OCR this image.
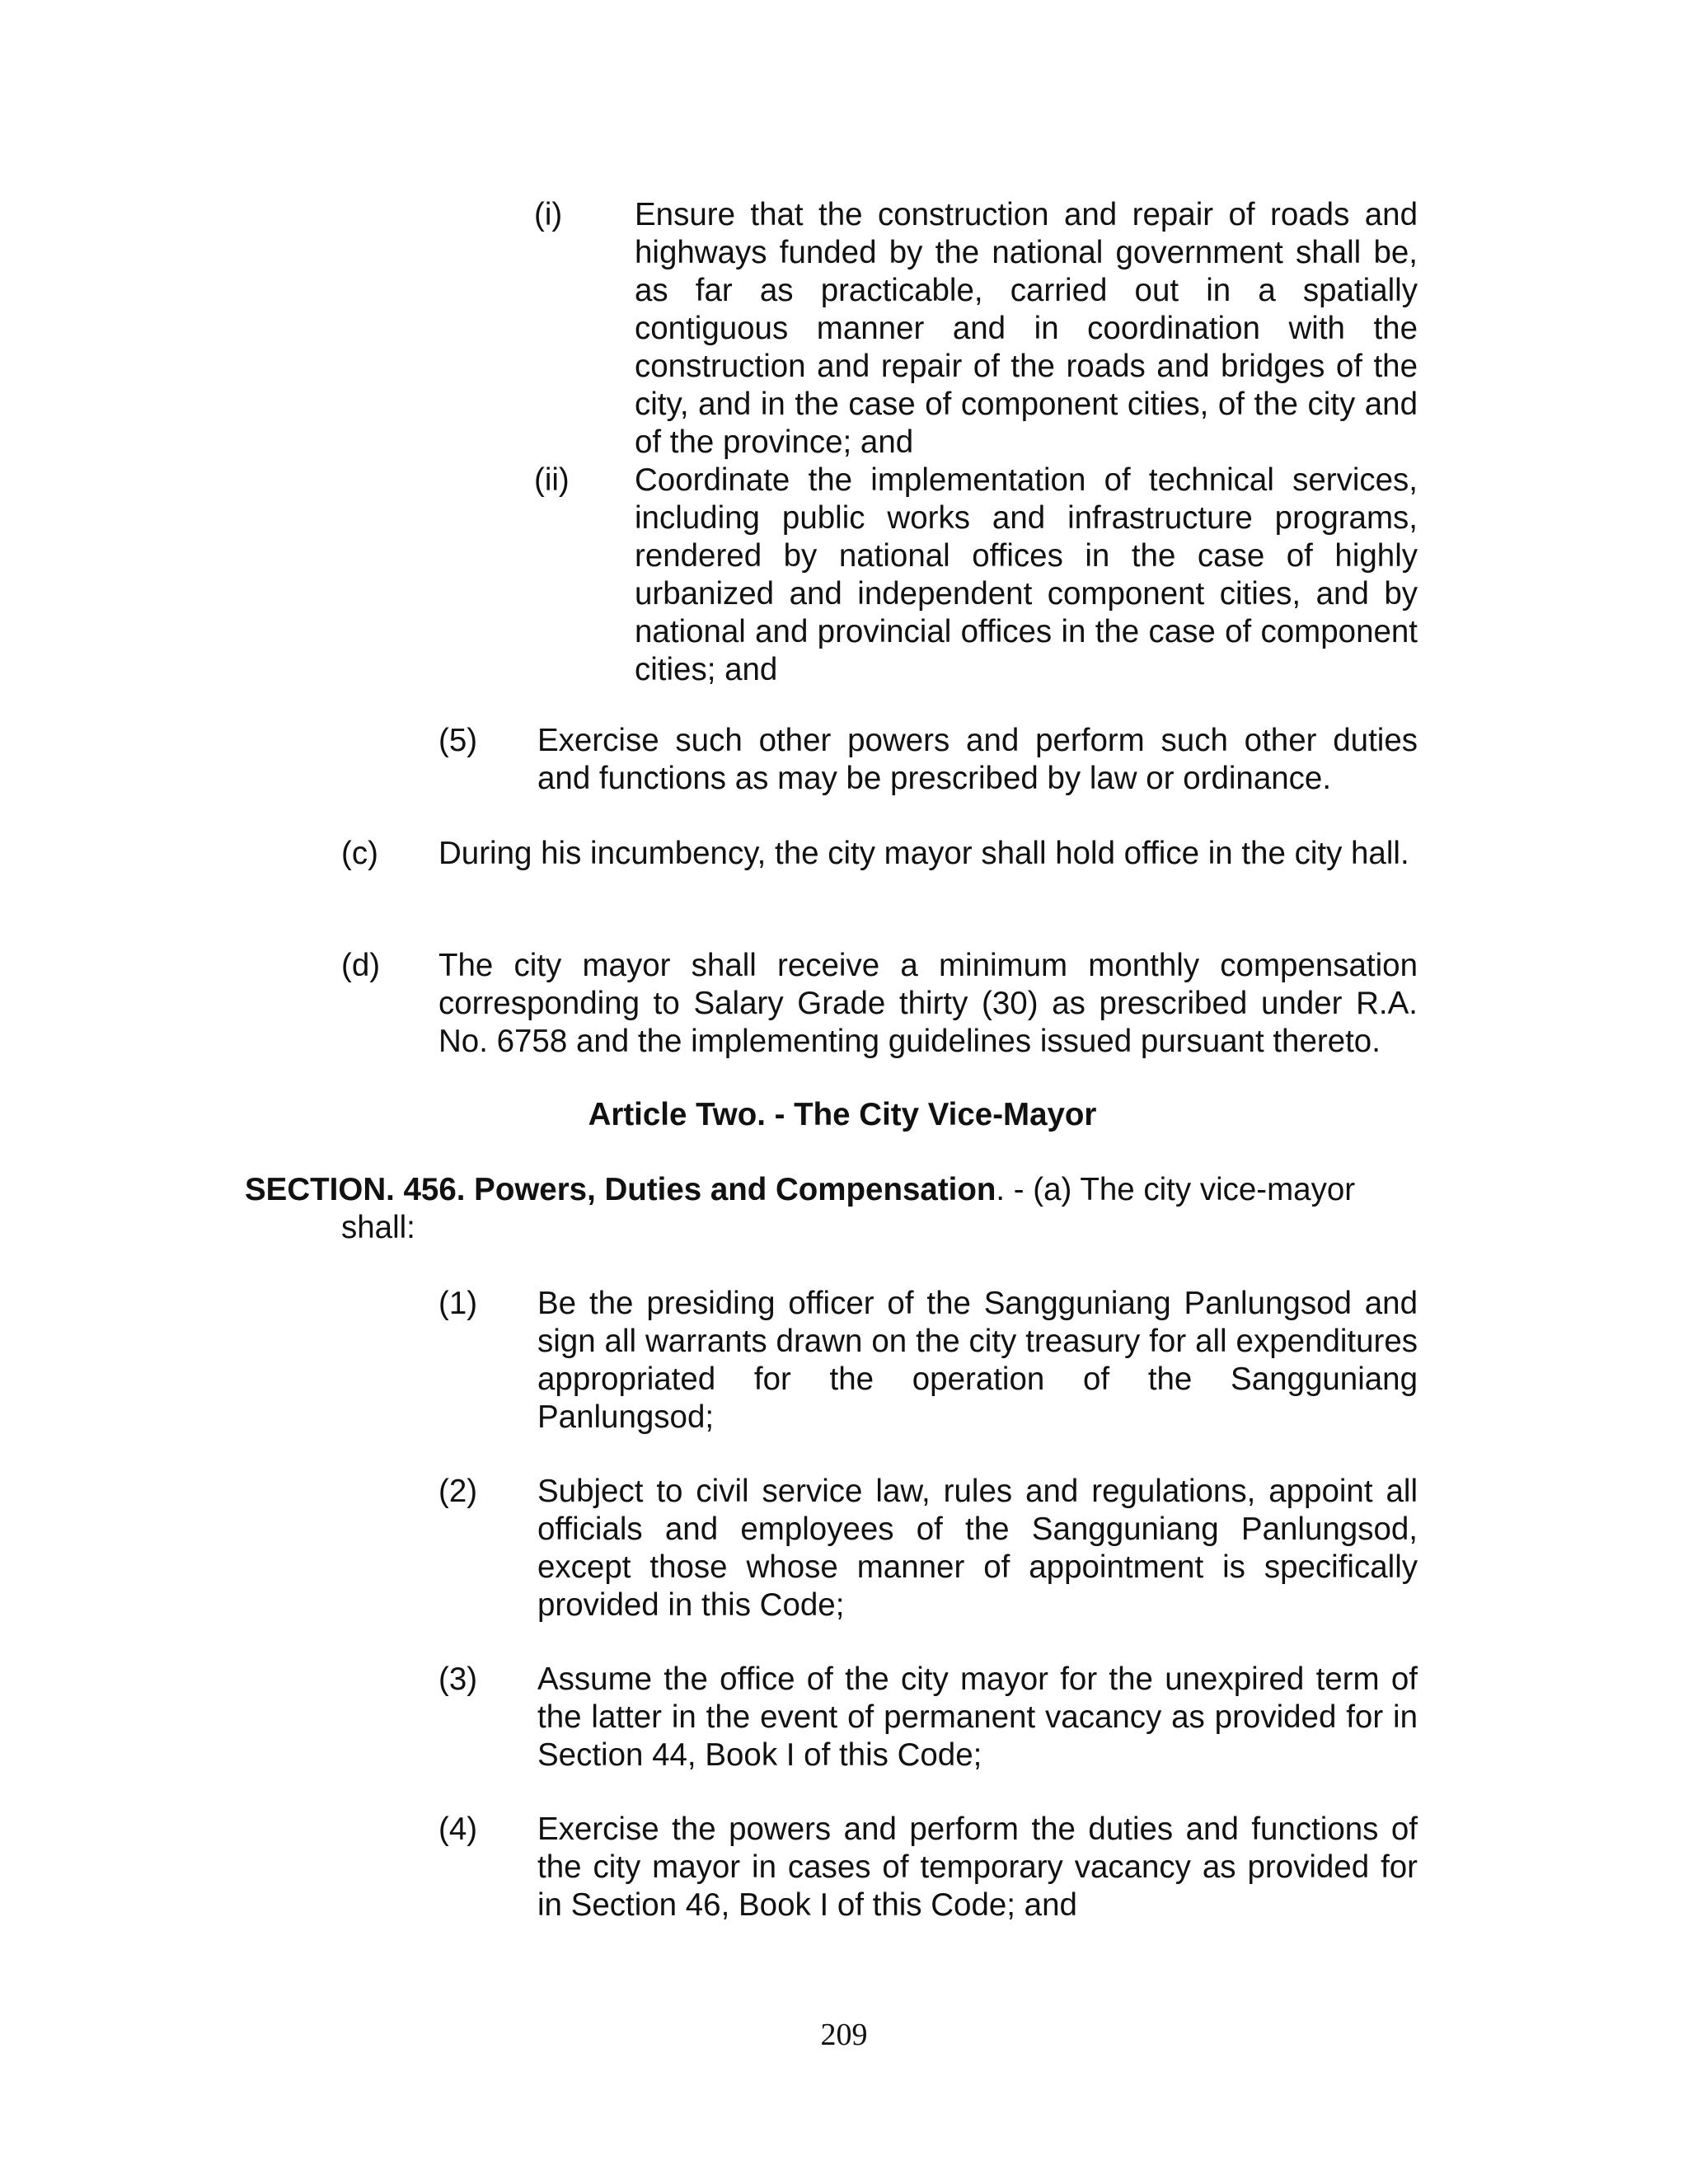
(i) Ensure that the construction and repair of roads and highways funded by the national government shall be, as far as practicable, carried out in a spatially contiguous manner and in coordination with the construction and repair of the roads and bridges of the city, and in the case of component cities, of the city and of the province; and
(ii) Coordinate the implementation of technical services, including public works and infrastructure programs, rendered by national offices in the case of highly urbanized and independent component cities, and by national and provincial offices in the case of component cities; and
(5) Exercise such other powers and perform such other duties and functions as may be prescribed by law or ordinance.
(c) During his incumbency, the city mayor shall hold office in the city hall.
(d) The city mayor shall receive a minimum monthly compensation corresponding to Salary Grade thirty (30) as prescribed under R.A. No. 6758 and the implementing guidelines issued pursuant thereto.
Article Two. - The City Vice-Mayor
SECTION. 456. Powers, Duties and Compensation. - (a) The city vice-mayor
shall:
(1) Be the presiding officer of the Sangguniang Panlungsod and sign all warrants drawn on the city treasury for all expenditures appropriated for the operation of the Sangguniang Panlungsod;
(2) Subject to civil service law, rules and regulations, appoint all officials and employees of the Sangguniang Panlungsod, except those whose manner of appointment is specifically provided in this Code;
(3) Assume the office of the city mayor for the unexpired term of the latter in the event of permanent vacancy as provided for in Section 44, Book I of this Code;
(4) Exercise the powers and perform the duties and functions of the city mayor in cases of temporary vacancy as provided for in Section 46, Book I of this Code; and
209
